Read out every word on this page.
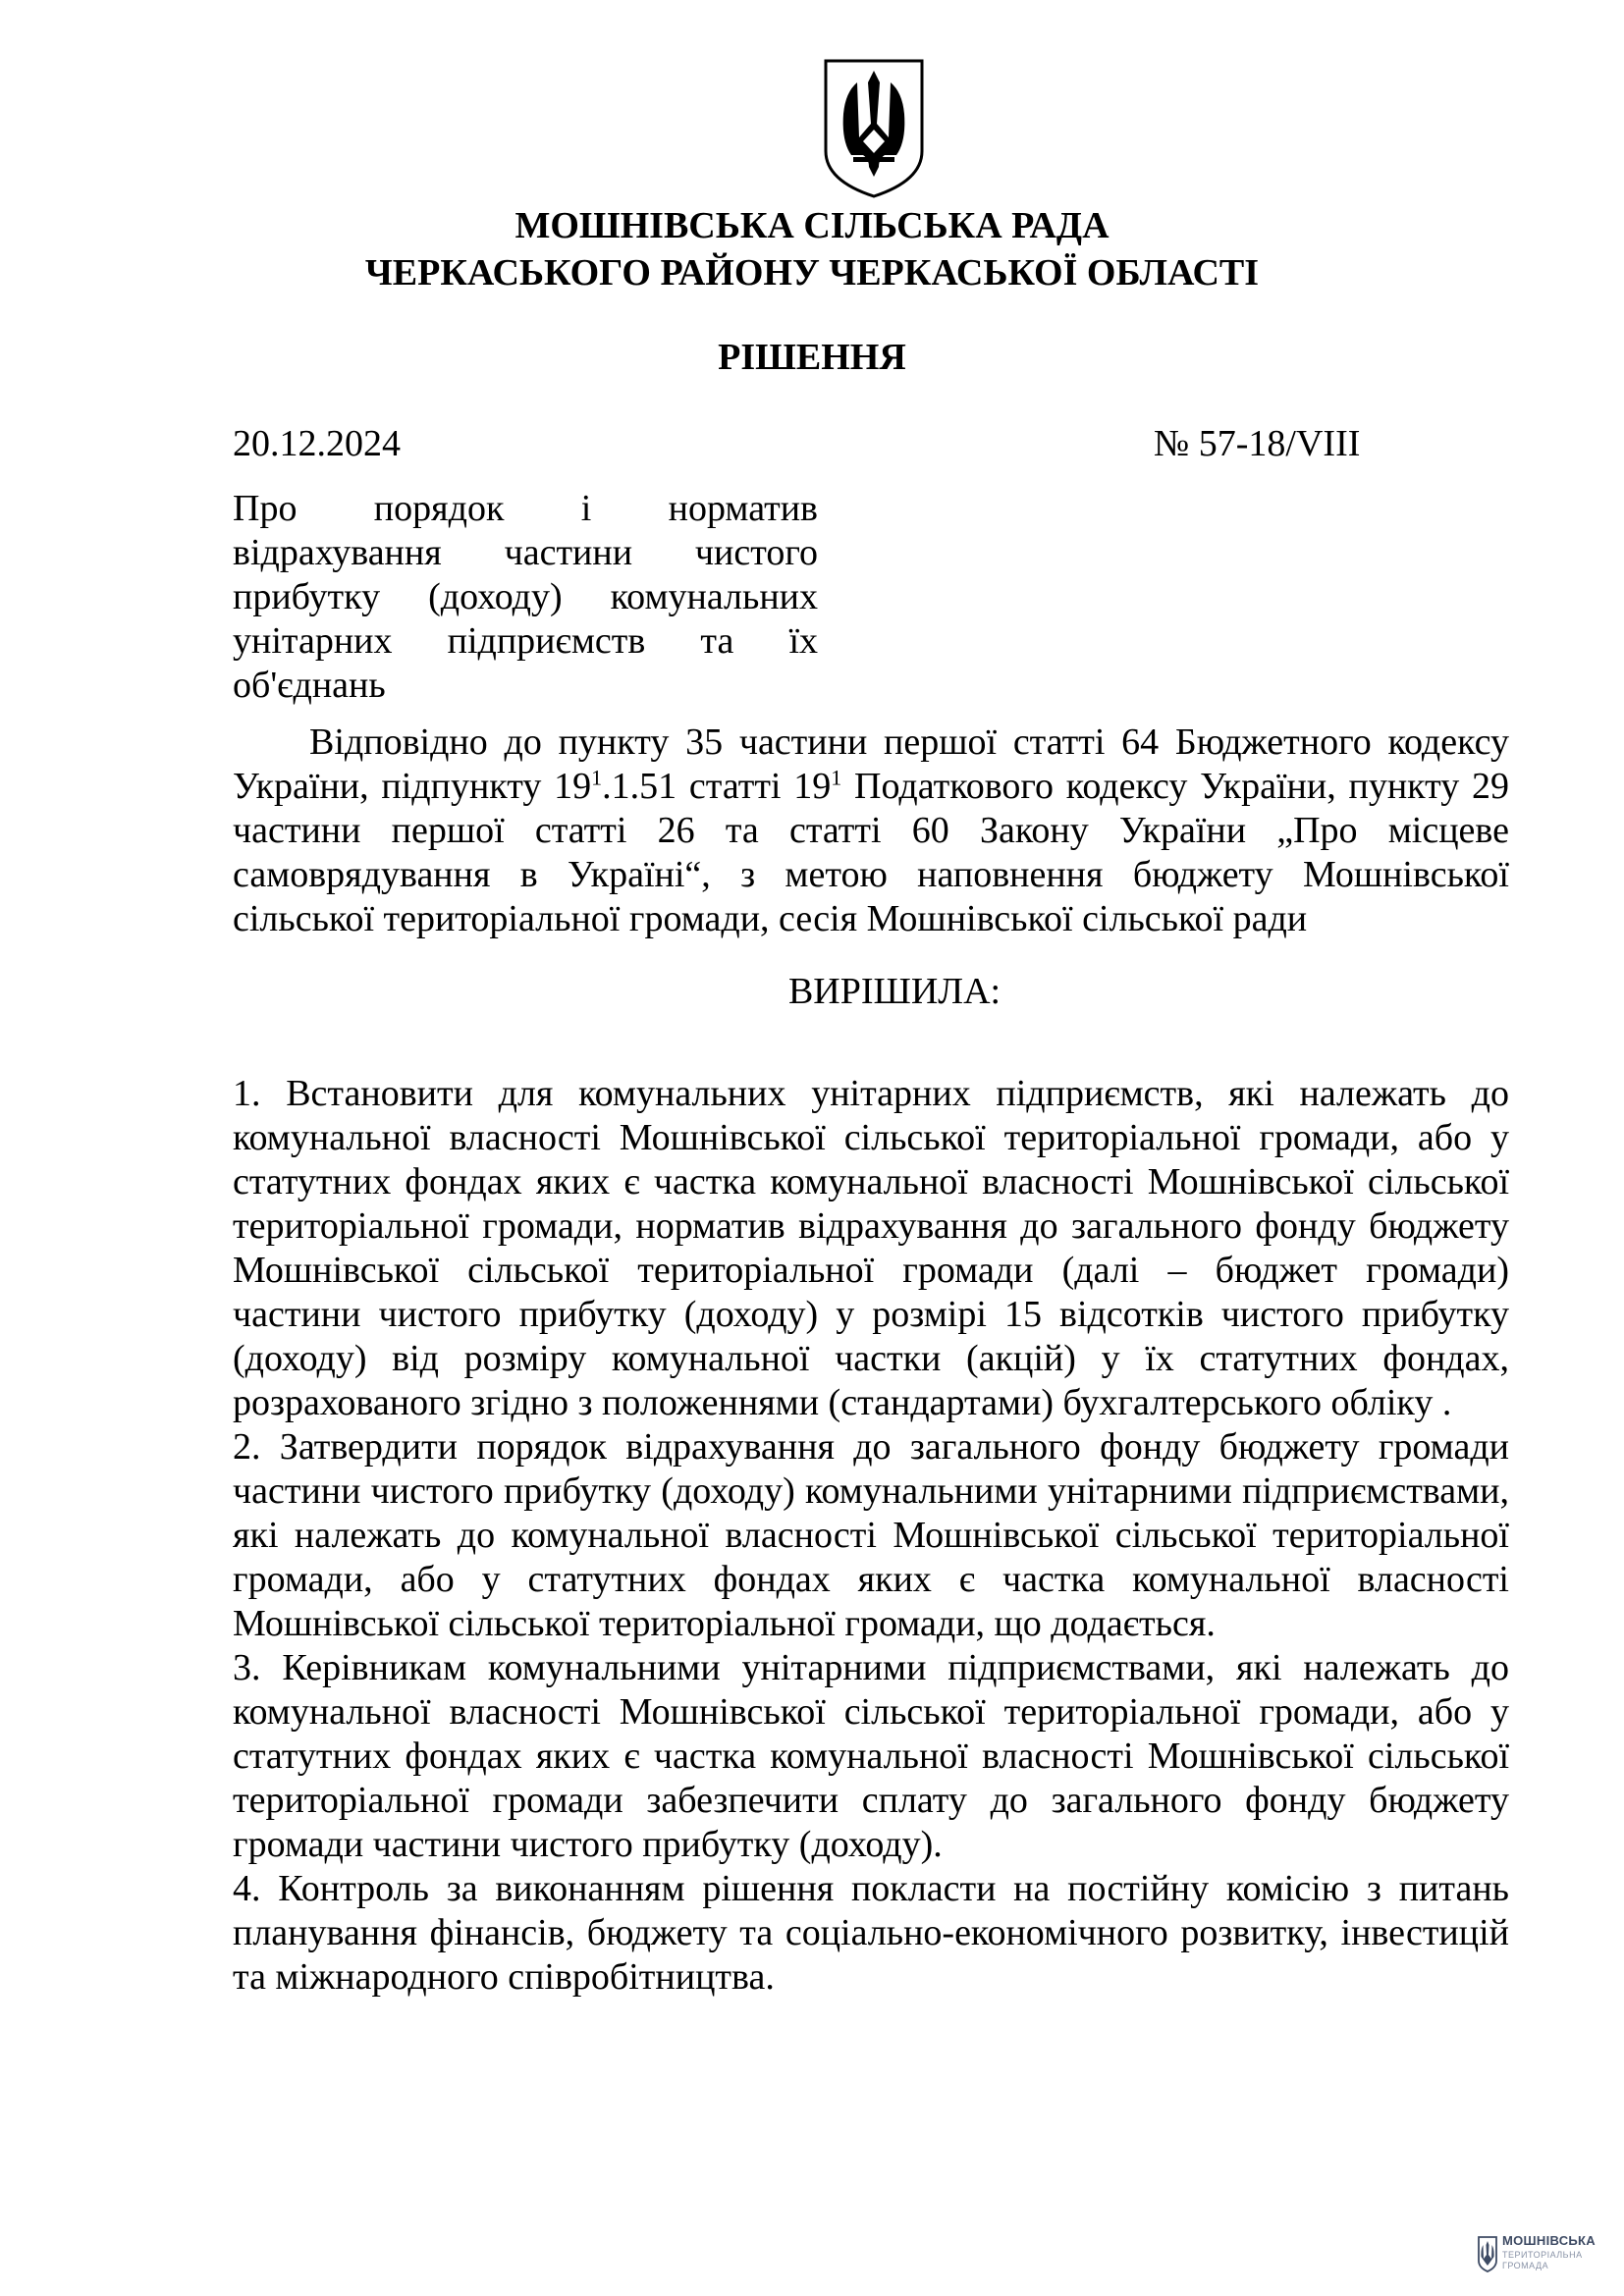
МОШНІВСЬКА СІЛЬСЬКА РАДА
ЧЕРКАСЬКОГО РАЙОНУ ЧЕРКАСЬКОЇ ОБЛАСТІ
РІШЕННЯ
20.12.2024	№ 57-18/VIII
Про порядок і норматив відрахування частини чистого прибутку (доходу) комунальних унітарних підприємств та їх об'єднань
Відповідно до пункту 35 частини першої статті 64 Бюджетного кодексу України, підпункту $19^1.1.51$ статті $19^1$ Податкового кодексу України, пункту 29 частини першої статті 26 та статті 60 Закону України „Про місцеве самоврядування в Україні“, з метою наповнення бюджету Мошнівської сільської територіальної громади, сесія Мошнівської сільської ради
ВИРІШИЛА:

1. Встановити для комунальних унітарних підприємств, які належать до комунальної власності Мошнівської сільської територіальної громади, або у статутних фондах яких є частка комунальної власності Мошнівської сільської територіальної громади, норматив відрахування до загального фонду бюджету Мошнівської сільської територіальної громади (далі – бюджет громади) частини чистого прибутку (доходу) у розмірі 15 відсотків чистого прибутку (доходу) від розміру комунальної частки (акцій) у їх статутних фондах, розрахованого згідно з положеннями (стандартами) бухгалтерського обліку .

2. Затвердити порядок відрахування до загального фонду бюджету громади частини чистого прибутку (доходу) комунальними унітарними підприємствами, які належать до комунальної власності Мошнівської сільської територіальної громади, або у статутних фондах яких є частка комунальної власності Мошнівської сільської територіальної громади, що додається.

3. Керівникам комунальними унітарними підприємствами, які належать до комунальної власності Мошнівської сільської територіальної громади, або у статутних фондах яких є частка комунальної власності Мошнівської сільської територіальної громади забезпечити сплату до загального фонду бюджету громади частини чистого прибутку (доходу).

4. Контроль за виконанням рішення покласти на постійну комісію з питань планування фінансів, бюджету та соціально-економічного розвитку, інвестицій та міжнародного співробітництва.

МОШНІВСЬКА
ТЕРИТОРІАЛЬНА
ГРОМАДА
